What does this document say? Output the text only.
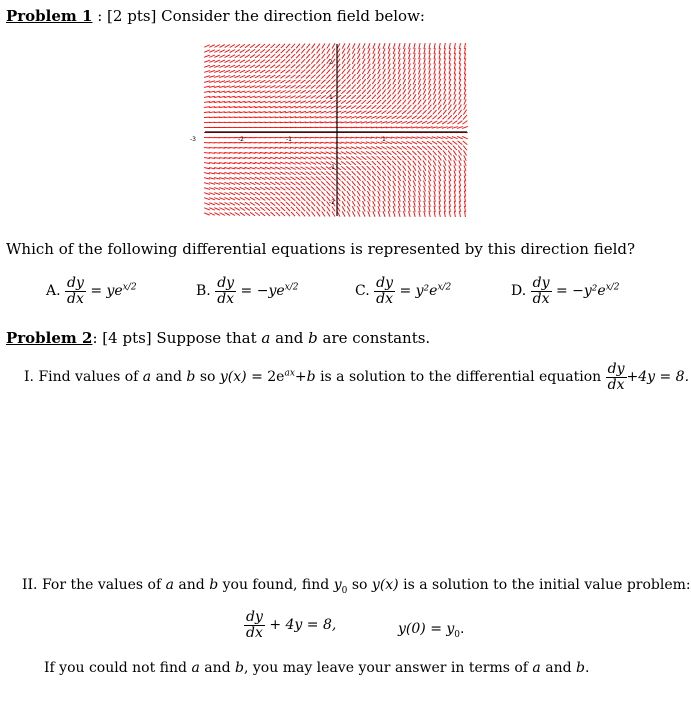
Problem 1 : [2 pts] Consider the direction field below:
-3	-2	-1	1
2
1
-1
-2
Which of the following differential equations is represented by this direction field?
A. $\frac{dy}{dx} = ye^{x/2}$	B. $\frac{dy}{dx} = -ye^{x/2}$	C. $\frac{dy}{dx} = y^2e^{x/2}$	D. $\frac{dy}{dx} = -y^2e^{x/2}$
Problem 2: [4 pts] Suppose that a and b are constants.
I. Find values of a and b so $y(x) = 2e^{ax}+b$ is a solution to the differential equation $\frac{dy}{dx} +4y = 8$.
II. For the values of a and b you found, find $y_0$ so y(x) is a solution to the initial value problem:
$\frac{dy}{dx} + 4y = 8$,	$y(0) = y_0$.
If you could not find a and b, you may leave your answer in terms of a and b.
